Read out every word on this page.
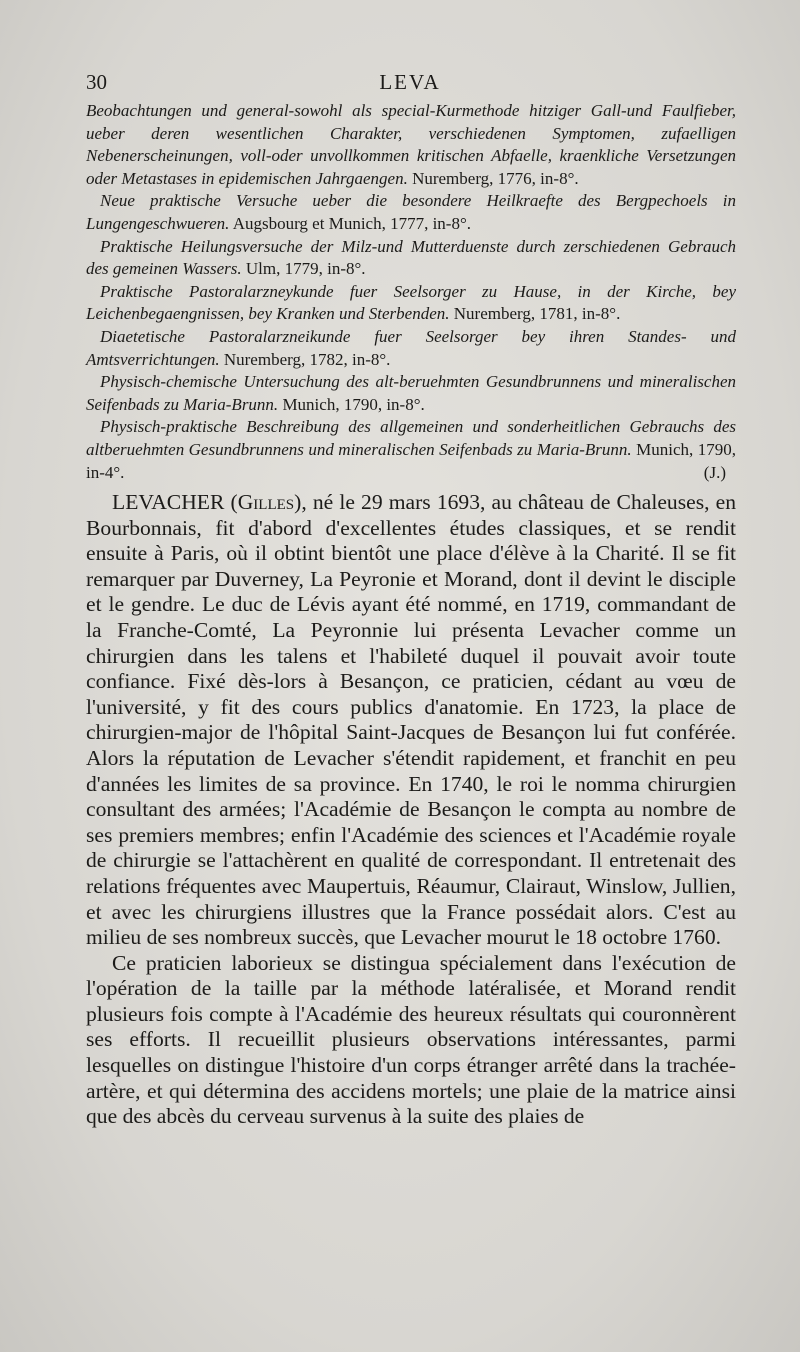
30	LEVA

Beobachtungen und general-sowohl als special-Kurmethode hitziger Gall-und Faulfieber, ueber deren wesentlichen Charakter, verschiedenen Symptomen, zufaelligen Nebenerscheinungen, voll-oder unvollkommen kritischen Abfaelle, kraenkliche Versetzungen oder Metastases in epidemischen Jahrgaengen. Nuremberg, 1776, in-8°.

Neue praktische Versuche ueber die besondere Heilkraefte des Bergpechoels in Lungengeschwueren. Augsbourg et Munich, 1777, in-8°.

Praktische Heilungsversuche der Milz-und Mutterduenste durch zerschiedenen Gebrauch des gemeinen Wassers. Ulm, 1779, in-8°.

Praktische Pastoralarzneykunde fuer Seelsorger zu Hause, in der Kirche, bey Leichenbegaengnissen, bey Kranken und Sterbenden. Nuremberg, 1781, in-8°.

Diaetetische Pastoralarzneikunde fuer Seelsorger bey ihren Standes- und Amtsverrichtungen. Nuremberg, 1782, in-8°.

Physisch-chemische Untersuchung des alt-beruehmten Gesundbrunnens und mineralischen Seifenbads zu Maria-Brunn. Munich, 1790, in-8°.

Physisch-praktische Beschreibung des allgemeinen und sonderheitlichen Gebrauchs des altberuehmten Gesundbrunnens und mineralischen Seifenbads zu Maria-Brunn. Munich, 1790, in-4°.	(J.)

LEVACHER (Gilles), né le 29 mars 1693, au château de Chaleuses, en Bourbonnais, fit d'abord d'excellentes études classiques, et se rendit ensuite à Paris, où il obtint bientôt une place d'élève à la Charité. Il se fit remarquer par Duverney, La Peyronie et Morand, dont il devint le disciple et le gendre. Le duc de Lévis ayant été nommé, en 1719, commandant de la Franche-Comté, La Peyronnie lui présenta Levacher comme un chirurgien dans les talens et l'habileté duquel il pouvait avoir toute confiance. Fixé dès-lors à Besançon, ce praticien, cédant au vœu de l'université, y fit des cours publics d'anatomie. En 1723, la place de chirurgien-major de l'hôpital Saint-Jacques de Besançon lui fut conférée. Alors la réputation de Levacher s'étendit rapidement, et franchit en peu d'années les limites de sa province. En 1740, le roi le nomma chirurgien consultant des armées; l'Académie de Besançon le compta au nombre de ses premiers membres; enfin l'Académie des sciences et l'Académie royale de chirurgie se l'attachèrent en qualité de correspondant. Il entretenait des relations fréquentes avec Maupertuis, Réaumur, Clairaut, Winslow, Jullien, et avec les chirurgiens illustres que la France possédait alors. C'est au milieu de ses nombreux succès, que Levacher mourut le 18 octobre 1760.

Ce praticien laborieux se distingua spécialement dans l'exécution de l'opération de la taille par la méthode latéralisée, et Morand rendit plusieurs fois compte à l'Académie des heureux résultats qui couronnèrent ses efforts. Il recueillit plusieurs observations intéressantes, parmi lesquelles on distingue l'histoire d'un corps étranger arrêté dans la trachée-artère, et qui détermina des accidens mortels; une plaie de la matrice ainsi que des abcès du cerveau survenus à la suite des plaies de
